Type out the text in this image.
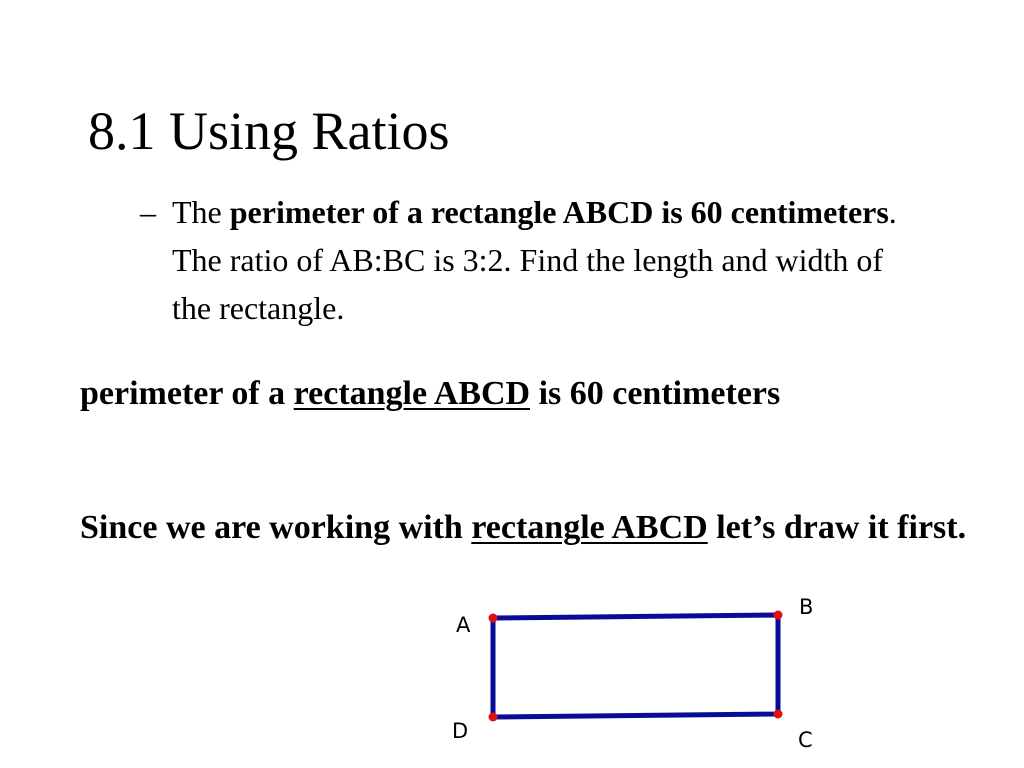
8.1 Using Ratios
– The perimeter of a rectangle ABCD is 60 centimeters. The ratio of AB:BC is 3:2. Find the length and width of the rectangle.
perimeter of a rectangle ABCD is 60 centimeters
Since we are working with rectangle ABCD let’s draw it first.
A
B
C
D
